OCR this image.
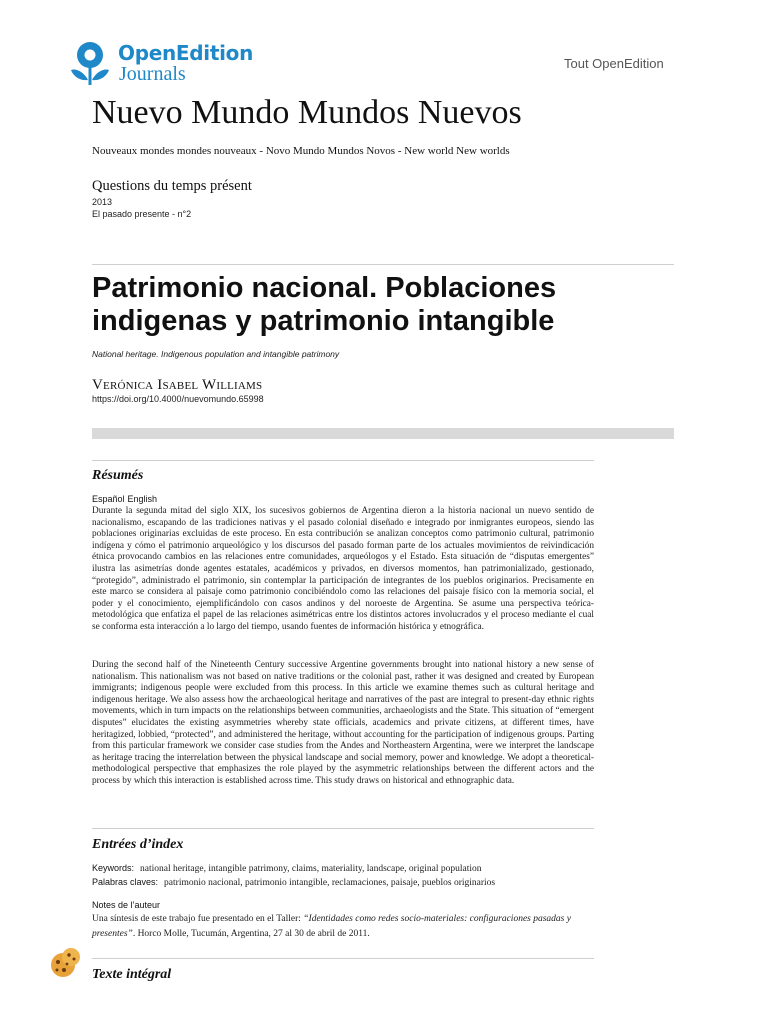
OpenEdition
Journals	Tout OpenEdition
Nuevo Mundo Mundos Nuevos
Nouveaux mondes mondes nouveaux - Novo Mundo Mundos Novos - New world New worlds
Questions du temps présent
2013
El pasado presente - n°2
Patrimonio nacional. Poblaciones indigenas y patrimonio intangible
National heritage. Indigenous population and intangible patrimony
Verónica Isabel Williams
https://doi.org/10.4000/nuevomundo.65998
Résumés
Español English

Durante la segunda mitad del siglo XIX, los sucesivos gobiernos de Argentina dieron a la historia nacional un nuevo sentido de nacionalismo, escapando de las tradiciones nativas y el pasado colonial diseñado e integrado por inmigrantes europeos, siendo las poblaciones originarias excluidas de este proceso. En esta contribución se analizan conceptos como patrimonio cultural, patrimonio indígena y cómo el patrimonio arqueológico y los discursos del pasado forman parte de los actuales movimientos de reivindicación étnica provocando cambios en las relaciones entre comunidades, arqueólogos y el Estado. Esta situación de “disputas emergentes” ilustra las asimetrías donde agentes estatales, académicos y privados, en diversos momentos, han patrimonializado, gestionado, “protegido”, administrado el patrimonio, sin contemplar la participación de integrantes de los pueblos originarios. Precisamente en este marco se considera al paisaje como patrimonio concibiéndolo como las relaciones del paisaje físico con la memoria social, el poder y el conocimiento, ejemplificándolo con casos andinos y del noroeste de Argentina. Se asume una perspectiva teórica-metodológica que enfatiza el papel de las relaciones asimétricas entre los distintos actores involucrados y el proceso mediante el cual se conforma esta interacción a lo largo del tiempo, usando fuentes de información histórica y etnográfica.

During the second half of the Nineteenth Century successive Argentine governments brought into national history a new sense of nationalism. This nationalism was not based on native traditions or the colonial past, rather it was designed and created by European immigrants; indigenous people were excluded from this process. In this article we examine themes such as cultural heritage and indigenous heritage. We also assess how the archaeological heritage and narratives of the past are integral to present-day ethnic rights movements, which in turn impacts on the relationships between communities, archaeologists and the State. This situation of “emergent disputes” elucidates the existing asymmetries whereby state officials, academics and private citizens, at different times, have heritagized, lobbied, “protected”, and administered the heritage, without accounting for the participation of indigenous groups. Parting from this particular framework we consider case studies from the Andes and Northeastern Argentina, were we interpret the landscape as heritage tracing the interrelation between the physical landscape and social memory, power and knowledge. We adopt a theoretical-methodological perspective that emphasizes the role played by the asymmetric relationships between the different actors and the process by which this interaction is established across time. This study draws on historical and ethnographic data.

Entrées d’index
Keywords: national heritage, intangible patrimony, claims, materiality, landscape, original population
Palabras claves: patrimonio nacional, patrimonio intangible, reclamaciones, paisaje, pueblos originarios
Notes de l’auteur

Una síntesis de este trabajo fue presentado en el Taller: “Identidades como redes socio-materiales: configuraciones pasadas y presentes”. Horco Molle, Tucumán, Argentina, 27 al 30 de abril de 2011.

Texte intégral
